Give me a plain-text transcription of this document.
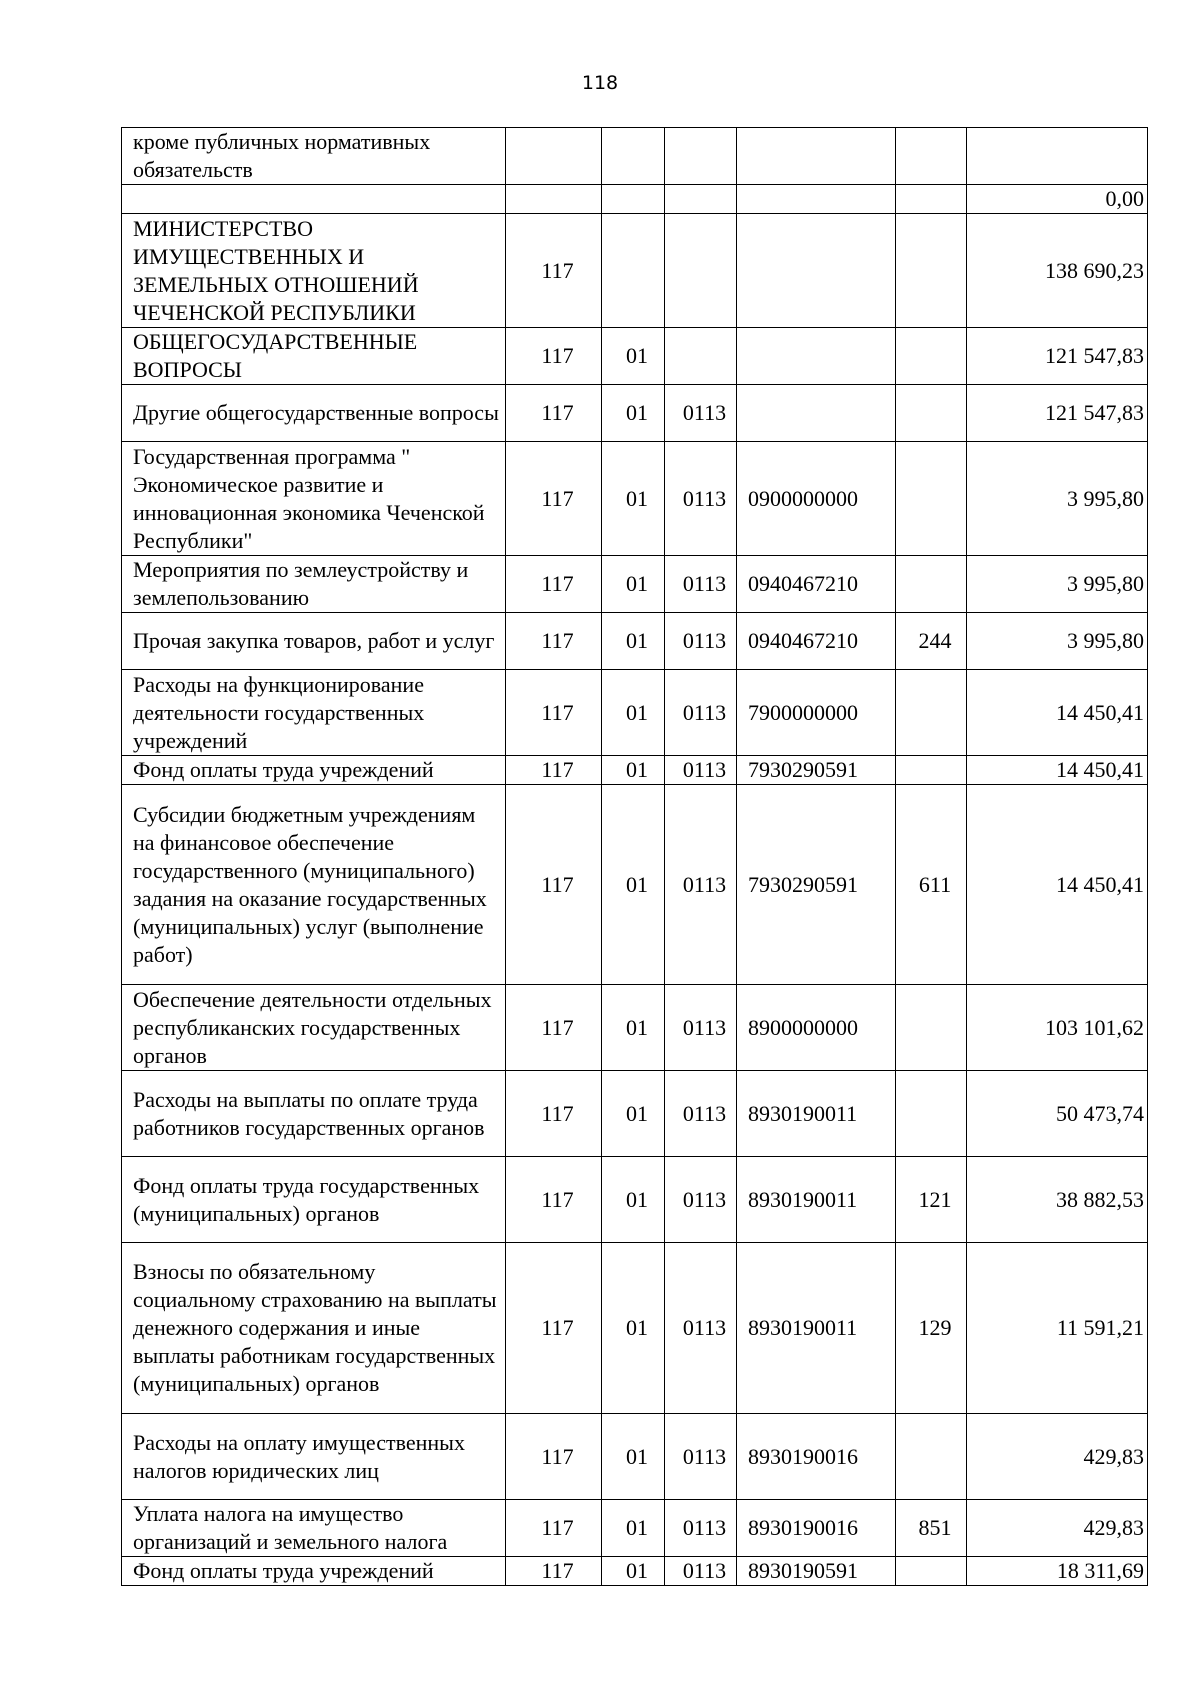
118
кроме публичных нормативных обязательств						
						0,00
МИНИСТЕРСТВО ИМУЩЕСТВЕННЫХ И ЗЕМЕЛЬНЫХ ОТНОШЕНИЙ ЧЕЧЕНСКОЙ РЕСПУБЛИКИ	117					138 690,23
ОБЩЕГОСУДАРСТВЕННЫЕ ВОПРОСЫ	117	01				121 547,83
Другие общегосударственные вопросы	117	01	0113			121 547,83
Государственная программа " Экономическое развитие и инновационная экономика Чеченской Республики"	117	01	0113	0900000000		3 995,80
Мероприятия по землеустройству и землепользованию	117	01	0113	0940467210		3 995,80
Прочая закупка товаров, работ и услуг	117	01	0113	0940467210	244	3 995,80
Расходы на функционирование деятельности государственных учреждений	117	01	0113	7900000000		14 450,41
Фонд оплаты труда учреждений	117	01	0113	7930290591		14 450,41
Субсидии бюджетным учреждениям на финансовое обеспечение государственного (муниципального) задания на оказание государственных (муниципальных) услуг (выполнение работ)	117	01	0113	7930290591	611	14 450,41
Обеспечение деятельности отдельных республиканских государственных органов	117	01	0113	8900000000		103 101,62
Расходы на выплаты по оплате труда работников государственных органов	117	01	0113	8930190011		50 473,74
Фонд оплаты труда государственных (муниципальных) органов	117	01	0113	8930190011	121	38 882,53
Взносы по обязательному социальному страхованию на выплаты денежного содержания и иные выплаты работникам государственных (муниципальных) органов	117	01	0113	8930190011	129	11 591,21
Расходы на оплату имущественных налогов юридических лиц	117	01	0113	8930190016		429,83
Уплата налога на имущество организаций и земельного налога	117	01	0113	8930190016	851	429,83
Фонд оплаты труда учреждений	117	01	0113	8930190591		18 311,69
